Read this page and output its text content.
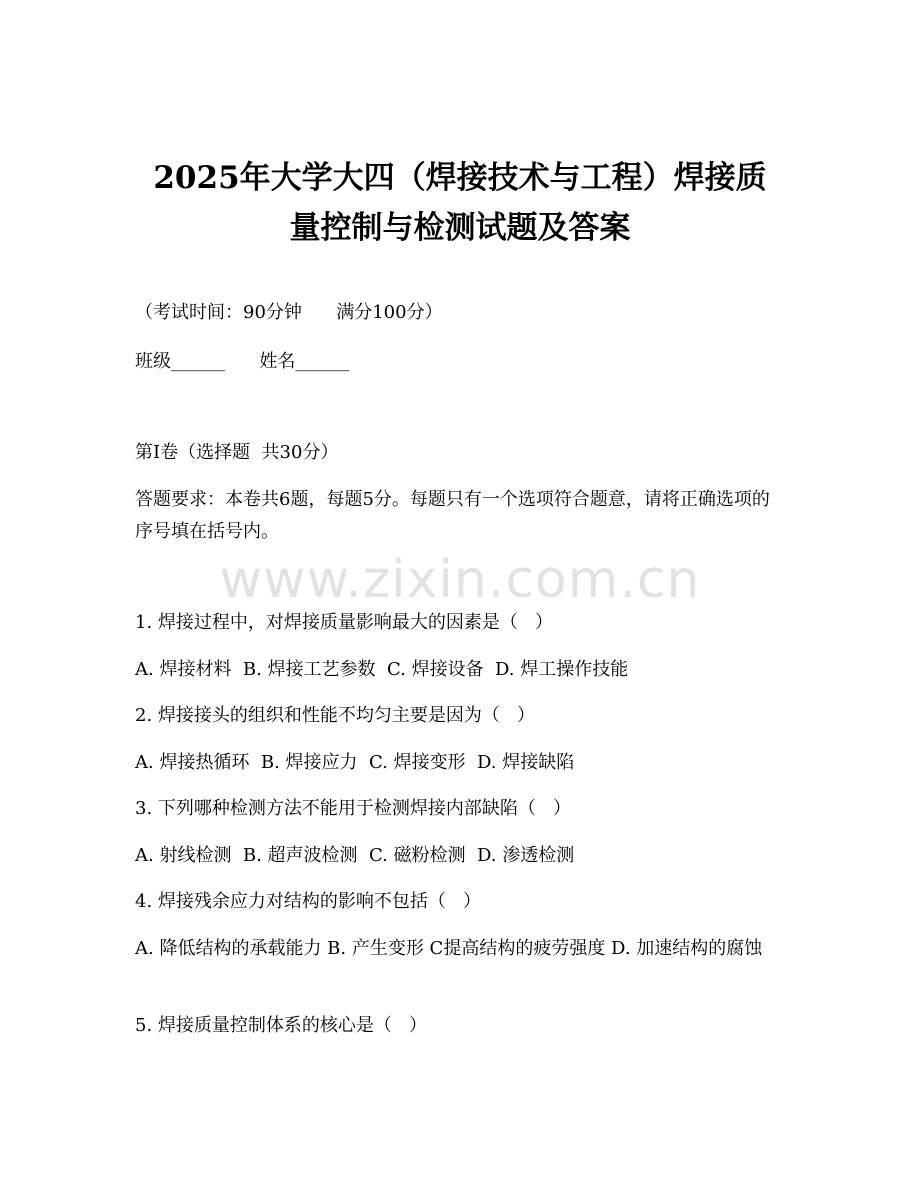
2025年大学大四（焊接技术与工程）焊接质
量控制与检测试题及答案
（考试时间：90分钟      满分100分）
班级______      姓名______
第I卷（选择题  共30分）
答题要求：本卷共6题，每题5分。每题只有一个选项符合题意，请将正确选项的序号填在括号内。
www.zixin.com.cn
1. 焊接过程中，对焊接质量影响最大的因素是（   ）
A. 焊接材料  B. 焊接工艺参数  C. 焊接设备  D. 焊工操作技能
2. 焊接接头的组织和性能不均匀主要是因为（   ）
A. 焊接热循环  B. 焊接应力  C. 焊接变形  D. 焊接缺陷
3. 下列哪种检测方法不能用于检测焊接内部缺陷（   ）
A. 射线检测  B. 超声波检测  C. 磁粉检测  D. 渗透检测
4. 焊接残余应力对结构的影响不包括（   ）
A. 降低结构的承载能力 B. 产生变形 C提高结构的疲劳强度 D. 加速结构的腐蚀
5. 焊接质量控制体系的核心是（   ）
